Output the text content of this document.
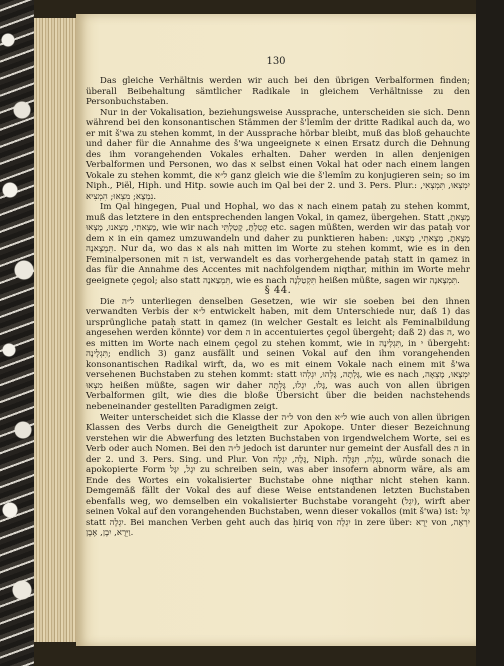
130

Das gleiche Verhältnis werden wir auch bei den übrigen Verbalformen finden; überall Beibehaltung sämtlicher Radikale in gleichem Verhältnisse zu den Personbuchstaben.

Nur in der Vokalisation, beziehungsweise Aussprache, unterscheiden sie sich. Denn während bei den konsonantischen Stämmen der š'lemîm der dritte Radikal auch da, wo er mit š'wa zu stehen kommt, in der Aussprache hörbar bleibt, muß das bloß gehauchte und daher für die Annahme des š'wa ungeeignete א einen Ersatz durch die Dehnung des ihm vorangehenden Vokales erhalten. Daher werden in allen denjenigen Verbalformen und Personen, wo das א selbst einen Vokal hat oder nach einem langen Vokale zu stehen kommt, die ל״א ganz gleich wie die š'lemîm zu konjugieren sein; so im Niph., Piël, Hiph. und Hitp. sowie auch im Qal bei der 2. und 3. Pers. Plur.: יִמְצְאוּ, תִּמְצְאִי, נִמְצָא; מִצְאוּ; הִמְצִיא.

Im Qal hingegen, Pual und Hophal, wo das א nach einem pataḥ zu stehen kommt, muß das letztere in den entsprechenden langen Vokal, in qamez, übergehen. Statt מָצְאתָ, מָצְאתִי, מָצְאנוּ, מָצְאוּ, wie wir nach קָטַלְתָּ, קָטַלְתִּי etc. sagen müßten, werden wir das pataḥ vor dem א in ein qamez umzuwandeln und daher zu punktieren haben: מָצָאתָ, מָצָאתִי, מָצָאנוּ, תִּמְצֶאנָה. Nur da, wo das א als nah mitten im Worte zu stehen kommt, wie es in den Feminalpersonen mit ה ist, verwandelt es das vorhergehende pataḥ statt in qamez in das für die Annahme des Accentes mit nachfolgendem niqthar, mithin im Worte mehr geeignete çegol; also statt תִּמְצַאנָה, wie es nach תִּקְטַלְנָה heißen müßte, sagen wir תִּמְצֶאנָה.

§ 44.

Die ל״ה unterliegen denselben Gesetzen, wie wir sie soeben bei den ihnen verwandten Verbis der ל״א entwickelt haben, mit dem Unterschiede nur, daß 1) das ursprüngliche pataḥ statt in qamez (in welcher Gestalt es leicht als Feminalbildung angesehen werden könnte) vor dem ה in accentuiertes çegol übergeht; daß 2) das ה, wo es mitten im Worte nach einem çegol zu stehen kommt, wie in תִּגְלֶינָה, in י übergeht: תִּגְלֶינָה; endlich 3) ganz ausfällt und seinen Vokal auf den ihm vorangehenden konsonantischen Radikal wirft, da, wo es mit einem Vokale nach einem mit š'wa versehenen Buchstaben zu stehen kommt: statt גָּלְתָה, גָּלְהוּ, יִגְלְהוּ, wie es nach יִמְצָאוּ, מָצְאָה, מִצְאוּ heißen müßte, sagen wir daher גָּלוּ, יִגְלוּ, גָּלְתָה, was auch von allen übrigen Verbalformen gilt, wie dies die bloße Übersicht über die beiden nachstehends nebeneinander gestellten Paradigmen zeigt.

Weiter unterscheidet sich die Klasse der ל״ה von den ל״א wie auch von allen übrigen Klassen des Verbs durch die Geneigtheit zur Apokope. Unter dieser Bezeichnung verstehen wir die Abwerfung des letzten Buchstaben von irgendwelchem Worte, sei es Verb oder auch Nomen. Bei den ל״ה jedoch ist darunter nur gemeint der Ausfall des ה in der 2. und 3. Pers. Sing. und Plur. Von גָּלָה, יִגְלֶה, Niph. נִגְלָה, תִּגָּלֶה, würde sonach die apokopierte Form יִגֶל, יִגָּל zu schreiben sein, was aber insofern abnorm wäre, als am Ende des Wortes ein vokalisierter Buchstabe ohne niqthar nicht stehen kann. Demgemäß fällt der Vokal des auf diese Weise entstandenen letzten Buchstaben ebenfalls weg, wo demselben ein vokalisierter Buchstabe vorangeht (יִגְל), wirft aber seinen Vokal auf den vorangehenden Buchstaben, wenn dieser vokallos (mit š'wa) ist: יִגֶל statt יִגְלֶה. Bei manchen Verben geht auch das ḥiriq von יִגְלֶה in zere über: יֵרֶא von יִרְאֶה, וַיֵּרֶא, יִבֶן, אֶבֶן.
